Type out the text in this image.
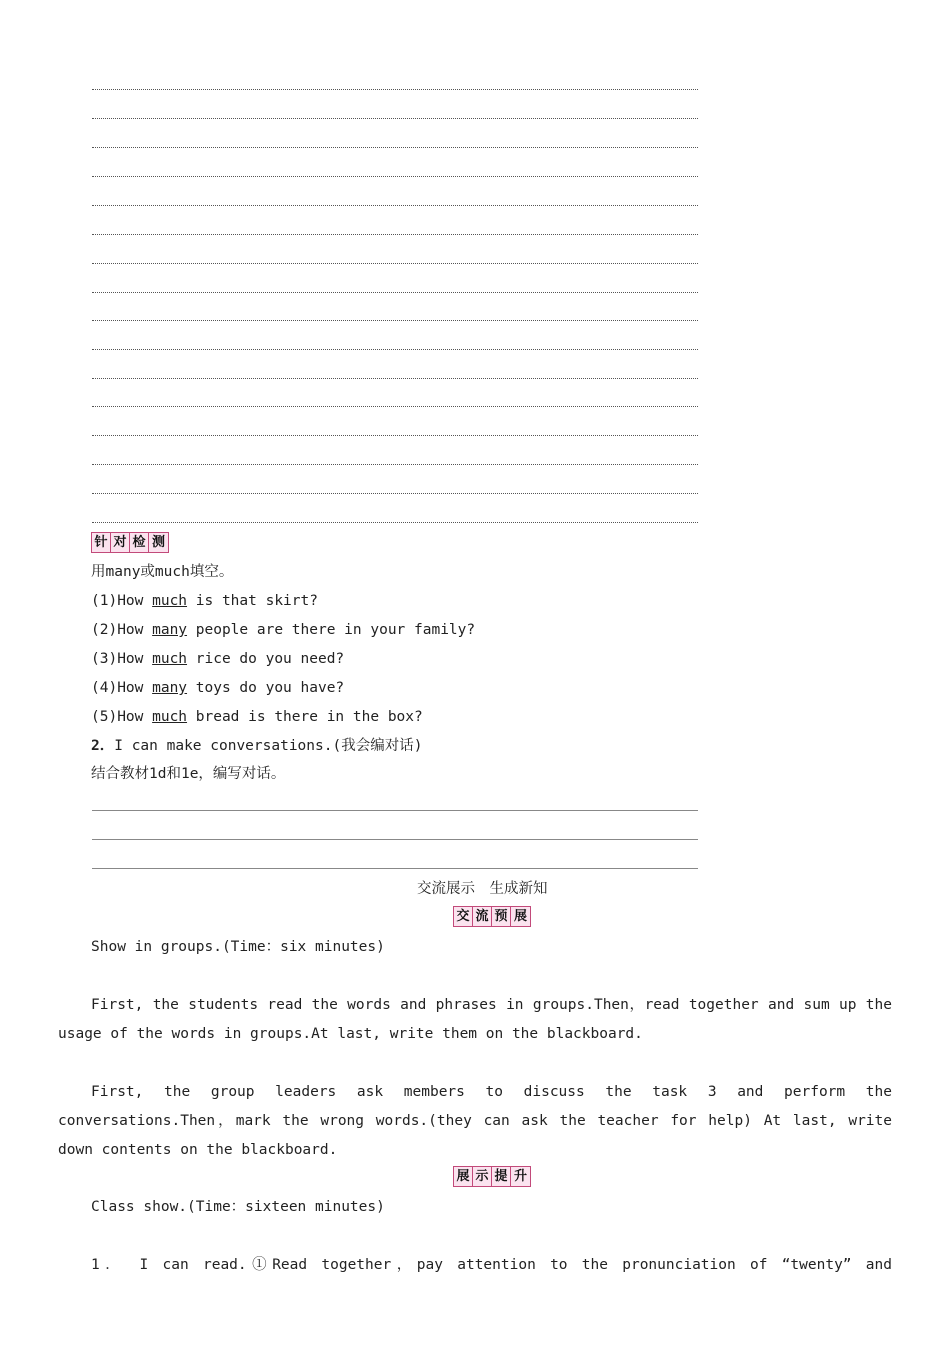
针 对 检 测
用many或much填空。
(1)How much is that skirt?
(2)How many people are there in your family?
(3)How much rice do you need?
(4)How many toys do you have?
(5)How much bread is there in the box?
2．I can make conversations.(我会编对话)
结合教材1d和1e，编写对话。
交流展示　生成新知
交 流 预 展
Show in groups.(Time：six minutes)
First, the students read the words and phrases in groups.Then，read together and sum up the usage of the words in groups.At last, write them on the blackboard.
First, the group leaders ask members to discuss the task 3 and perform the conversations.Then，mark the wrong words.(they can ask the teacher for help) At last, write down contents on the blackboard.
展 示 提 升
Class show.(Time：sixteen minutes)
1． I can read.①Read together，pay attention to the pronunciation of “twenty” and
